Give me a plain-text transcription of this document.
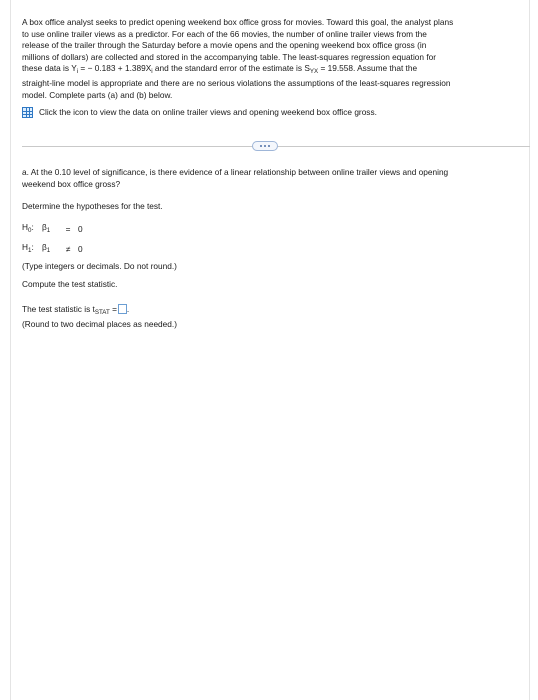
A box office analyst seeks to predict opening weekend box office gross for movies. Toward this goal, the analyst plans

to use online trailer views as a predictor. For each of the 66 movies, the number of online trailer views from the

release of the trailer through the Saturday before a movie opens and the opening weekend box office gross (in

millions of dollars) are collected and stored in the accompanying table. The least-squares regression equation for

these data is $Y_i$ = − $0.183 + 1.389X_i$ and the standard error of the estimate is $S_{YX} = 19.558$. Assume that the

straight-line model is appropriate and there are no serious violations the assumptions of the least-squares regression

model. Complete parts (a) and (b) below.

Click the icon to view the data on online trailer views and opening weekend box office gross.

a. At the 0.10 level of significance, is there evidence of a linear relationship between online trailer views and opening

weekend box office gross?

Determine the hypotheses for the test.

$H_0$: $\beta_1$	= 0
$H_1$: $\beta_1$	≠ 0

(Type integers or decimals. Do not round.)

Compute the test statistic.

The test statistic is $t_{STAT}$ = .

(Round to two decimal places as needed.)
